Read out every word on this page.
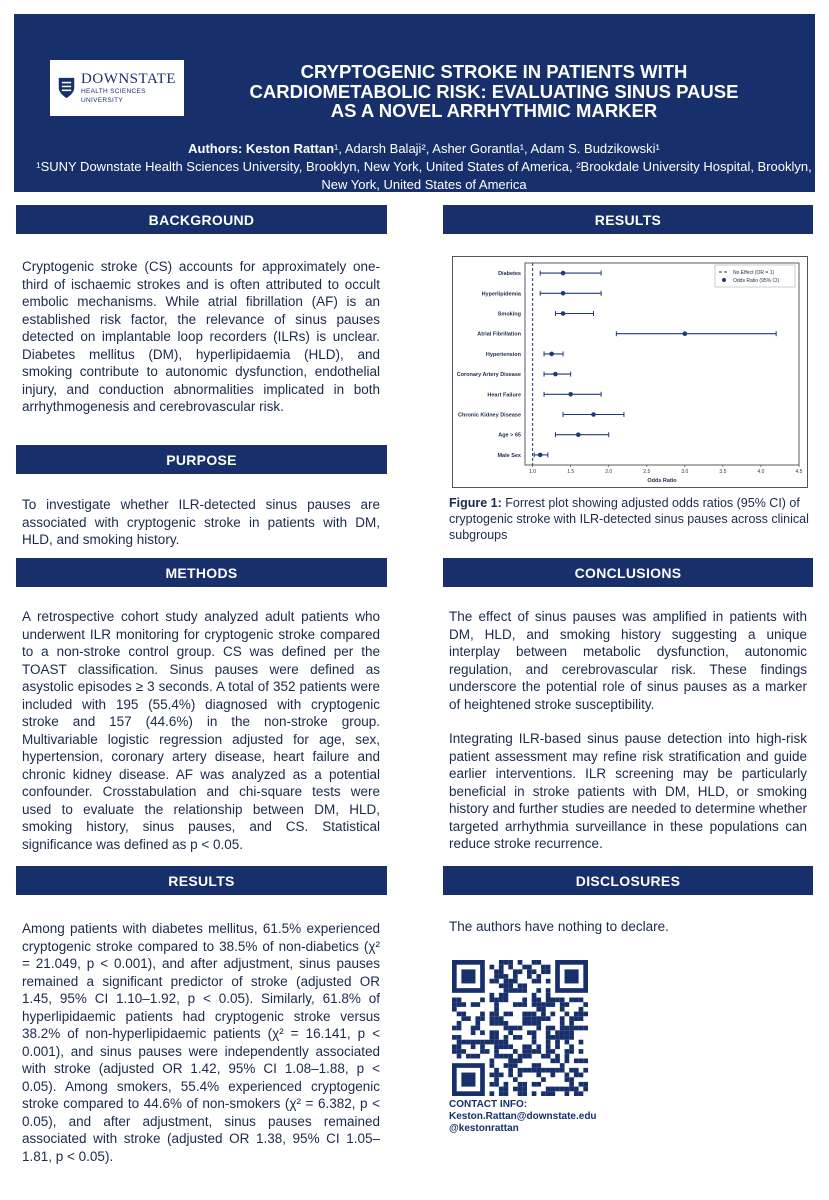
DOWNSTATE
HEALTH SCIENCES UNIVERSITY
CRYPTOGENIC STROKE IN PATIENTS WITH
CARDIOMETABOLIC RISK: EVALUATING SINUS PAUSE
AS A NOVEL ARRHYTHMIC MARKER
Authors: Keston Rattan¹, Adarsh Balaji², Asher Gorantla¹, Adam S. Budzikowski¹
¹SUNY Downstate Health Sciences University, Brooklyn, New York, United States of America, ²Brookdale University Hospital, Brooklyn, New York, United States of America
BACKGROUND
Cryptogenic stroke (CS) accounts for approximately one-third of ischaemic strokes and is often attributed to occult embolic mechanisms. While atrial fibrillation (AF) is an established risk factor, the relevance of sinus pauses detected on implantable loop recorders (ILRs) is unclear. Diabetes mellitus (DM), hyperlipidaemia (HLD), and smoking contribute to autonomic dysfunction, endothelial injury, and conduction abnormalities implicated in both arrhythmogenesis and cerebrovascular risk.
PURPOSE
To investigate whether ILR-detected sinus pauses are associated with cryptogenic stroke in patients with DM, HLD, and smoking history.
METHODS
A retrospective cohort study analyzed adult patients who underwent ILR monitoring for cryptogenic stroke compared to a non-stroke control group. CS was defined per the TOAST classification. Sinus pauses were defined as asystolic episodes ≥ 3 seconds. A total of 352 patients were included with 195 (55.4%) diagnosed with cryptogenic stroke and 157 (44.6%) in the non-stroke group. Multivariable logistic regression adjusted for age, sex, hypertension, coronary artery disease, heart failure and chronic kidney disease. AF was analyzed as a potential confounder. Crosstabulation and chi-square tests were used to evaluate the relationship between DM, HLD, smoking history, sinus pauses, and CS. Statistical significance was defined as p < 0.05.
RESULTS
Among patients with diabetes mellitus, 61.5% experienced cryptogenic stroke compared to 38.5% of non-diabetics (χ² = 21.049, p < 0.001), and after adjustment, sinus pauses remained a significant predictor of stroke (adjusted OR 1.45, 95% CI 1.10–1.92, p < 0.05). Similarly, 61.8% of hyperlipidaemic patients had cryptogenic stroke versus 38.2% of non-hyperlipidaemic patients (χ² = 16.141, p < 0.001), and sinus pauses were independently associated with stroke (adjusted OR 1.42, 95% CI 1.08–1.88, p < 0.05). Among smokers, 55.4% experienced cryptogenic stroke compared to 44.6% of non-smokers (χ² = 6.382, p < 0.05), and after adjustment, sinus pauses remained associated with stroke (adjusted OR 1.38, 95% CI 1.05–1.81, p < 0.05).
RESULTS
Diabetes
Hyperlipidemia
Smoking
Atrial Fibrillation
Hypertension
Coronary Artery Disease
Heart Failure
Chronic Kidney Disease
Age > 65
Male Sex
1.0	1.5	2.0	2.5	3.0	3.5	4.0	4.5
Odds Ratio
No Effect (OR = 1)
Odds Ratio (95% CI)
Figure 1: Forrest plot showing adjusted odds ratios (95% CI) of cryptogenic stroke with ILR-detected sinus pauses across clinical subgroups
CONCLUSIONS
The effect of sinus pauses was amplified in patients with DM, HLD, and smoking history suggesting a unique interplay between metabolic dysfunction, autonomic regulation, and cerebrovascular risk. These findings underscore the potential role of sinus pauses as a marker of heightened stroke susceptibility.
Integrating ILR-based sinus pause detection into high-risk patient assessment may refine risk stratification and guide earlier interventions. ILR screening may be particularly beneficial in stroke patients with DM, HLD, or smoking history and further studies are needed to determine whether targeted arrhythmia surveillance in these populations can reduce stroke recurrence.
DISCLOSURES
The authors have nothing to declare.
CONTACT INFO:
Keston.Rattan@downstate.edu
@kestonrattan
